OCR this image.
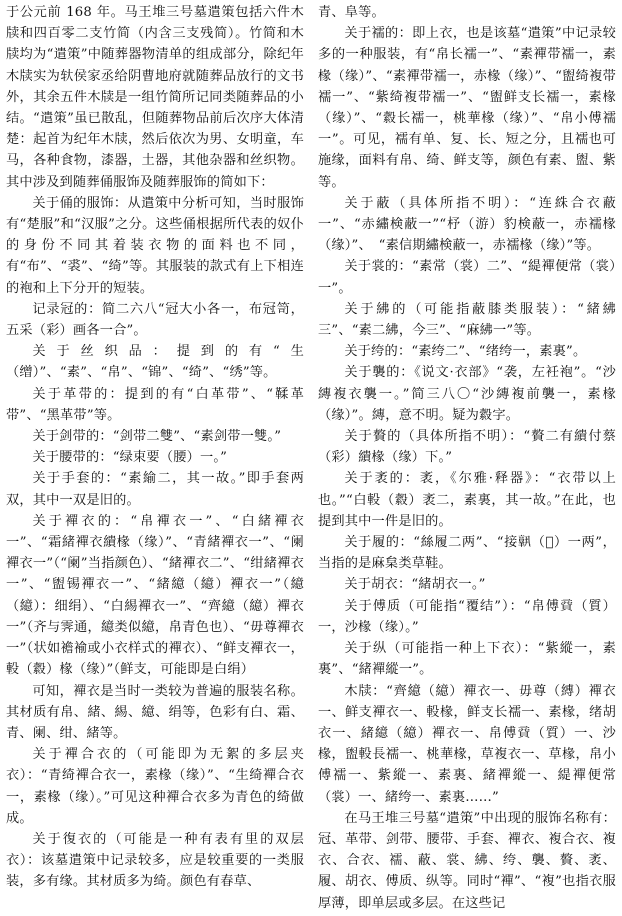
于公元前 168 年。马王堆三号墓遣策包括六件木牍和四百零二支竹简（内含三支残简）。竹简和木牍均为“遣策”中随葬器物清单的组成部分，除纪年木牍实为轪侯家丞给阴曹地府就随葬品放行的文书外，其余五件木牍是一组竹简所记同类随葬品的小结。“遣策”虽已散乱，但随葬物品前后次序大体清楚：起首为纪年木牍，然后依次为男、女明童，车马，各种食物，漆器，土器，其他杂器和丝织物。其中涉及到随葬俑服饰及随葬服饰的简如下：

关于俑的服饰：从遣策中分析可知，当时服饰有“楚服”和“汉服”之分。这些俑根据所代表的奴仆的身份不同其着装衣物的面料也不同，有“布”、“裘”、“绮”等。其服装的款式有上下相连的袍和上下分开的短装。

记录冠的：简二六八“冠大小各一，布冠笥，五采（彩）画各一合”。

关于丝织品：提到的有“生（缯）”、“素”、“帛”、“锦”、“绮”、“绣”等。

关于革带的：提到的有“白革带”、“鞣革带”、“黑革带”等。

关于剑带的：“剑带二雙”、“素剑带一雙。”

关于腰带的：“绿束要（腰）一。”

关于手套的：“素緰二，其一故。”即手套两双，其中一双是旧的。

关于襌衣的：“帛襌衣一”、“白緒襌衣一”、“霜緒襌衣繢椽（缘）”、“青緒襌衣一”、“阑襌衣一”（“阑”当指颜色）、“緒襌衣二”、“绀緒襌衣一”、“盥锡襌衣一”、“緒繶（繶）襌衣一”（繶（繶）：细绢）、“白緆襌衣一”、“齊繶（繶）襌衣一”（齐与霁通，繶类似繶，帛青色也）、“毋尊襌衣一”（状如襜褕或小衣样式的襌衣）、“鲜支襌衣一，軗（縠）椽（缘）”（鲜支，可能即是白绢）

可知，襌衣是当时一类较为普遍的服装名称。其材质有帛、緒、緆、繶、绢等，色彩有白、霜、青、阑、绀、緒等。

关于襌合衣的（可能即为无絮的多层夹衣）：“青绮襌合衣一，素椽（缘）”、“生绮襌合衣一，素椽（缘）。”可见这种襌合衣多为青色的绮做成。

关于復衣的（可能是一种有表有里的双层衣）：该墓遣策中记录较多，应是较重要的一类服装，多有缘。其材质多为绮。颜色有春草、

青、阜等。

关于襦的：即上衣，也是该墓“遣策”中记录较多的一种服装，有“帛长襦一”、“素襌带襦一，素椽（缘）”、“素襌带襦一，赤椽（缘）”、“盥绮複带襦一”、“紫绮複带襦一”、“盥鲜支长襦一，素椽（缘）”、“縠长襦一，桃華椽（缘）”、“帛小傅襦一”。可见，襦有单、复、长、短之分，且襦也可施缘，面料有帛、绮、鲜支等，颜色有素、盥、紫等。

关于蔽（具体所指不明）：“连絑合衣蔽一”、“赤繡検蔽一”“杼（游）豹検蔽一，赤襦椽（缘）”、　“素信期繡検蔽一，赤襦椽（缘）”等。

关于裳的：“素常（裳）二”、“緹襌便常（裳）一”。

关于紼的（可能指蔽膝类服装）：“緒紼三”、“素二紼，今三”、“麻紼一”等。

关于绔的：“素绔二”、“绪绔一，素裏”。

关于襲的：《说文·衣部》“袭，左衽袍”。“沙縳複衣襲一。”简三八〇“沙縳複前襲一，素椽（缘）”。縳，意不明。疑为縠字。

关于贅的（具体所指不明）：“贅二有繢付蔡（彩）繢椽（缘）下。”

关于袤的：袤，《尔雅·释器》：“衣带以上也。”“白軗（縠）袤二，素裏，其一故。”在此，也提到其中一件是旧的。

关于履的：“絲履二两”、“接𦏧（𩏼）一两”，当指的是麻枲类草鞋。

关于胡衣：“緒胡衣一。”

关于傅质（可能指“覆结”）：“帛傅𧶜（質）一，沙椽（缘）。”

关于纵（可能指一种上下衣）：“紫縱一，素裏”、“緒襌縱一”。

木牍：“齊繶（繶）襌衣一、毋尊（縛）襌衣一、鲜支襌衣一、軗椽，鲜支长襦一、素椽，绪胡衣一、緒繶（繶）襌衣一、帛傅𧶜（質）一、沙椽，盥軗長襦一、桃華椽，草複衣一、草椽，帛小傅襦一、紫縱一、素裏、緒襌縱一、緹襌便常（裳）一、緒绔一、素裏……”

在马王堆三号墓“遣策”中出现的服饰名称有：冠、革带、剑带、腰带、手套、襌衣、複合衣、複衣、合衣、襦、蔽、裳、紼、绔、襲、贅、袤、履、胡衣、傅质、纵等。同时“襌”、“複”也指衣服厚薄，即单层或多层。在这些记
